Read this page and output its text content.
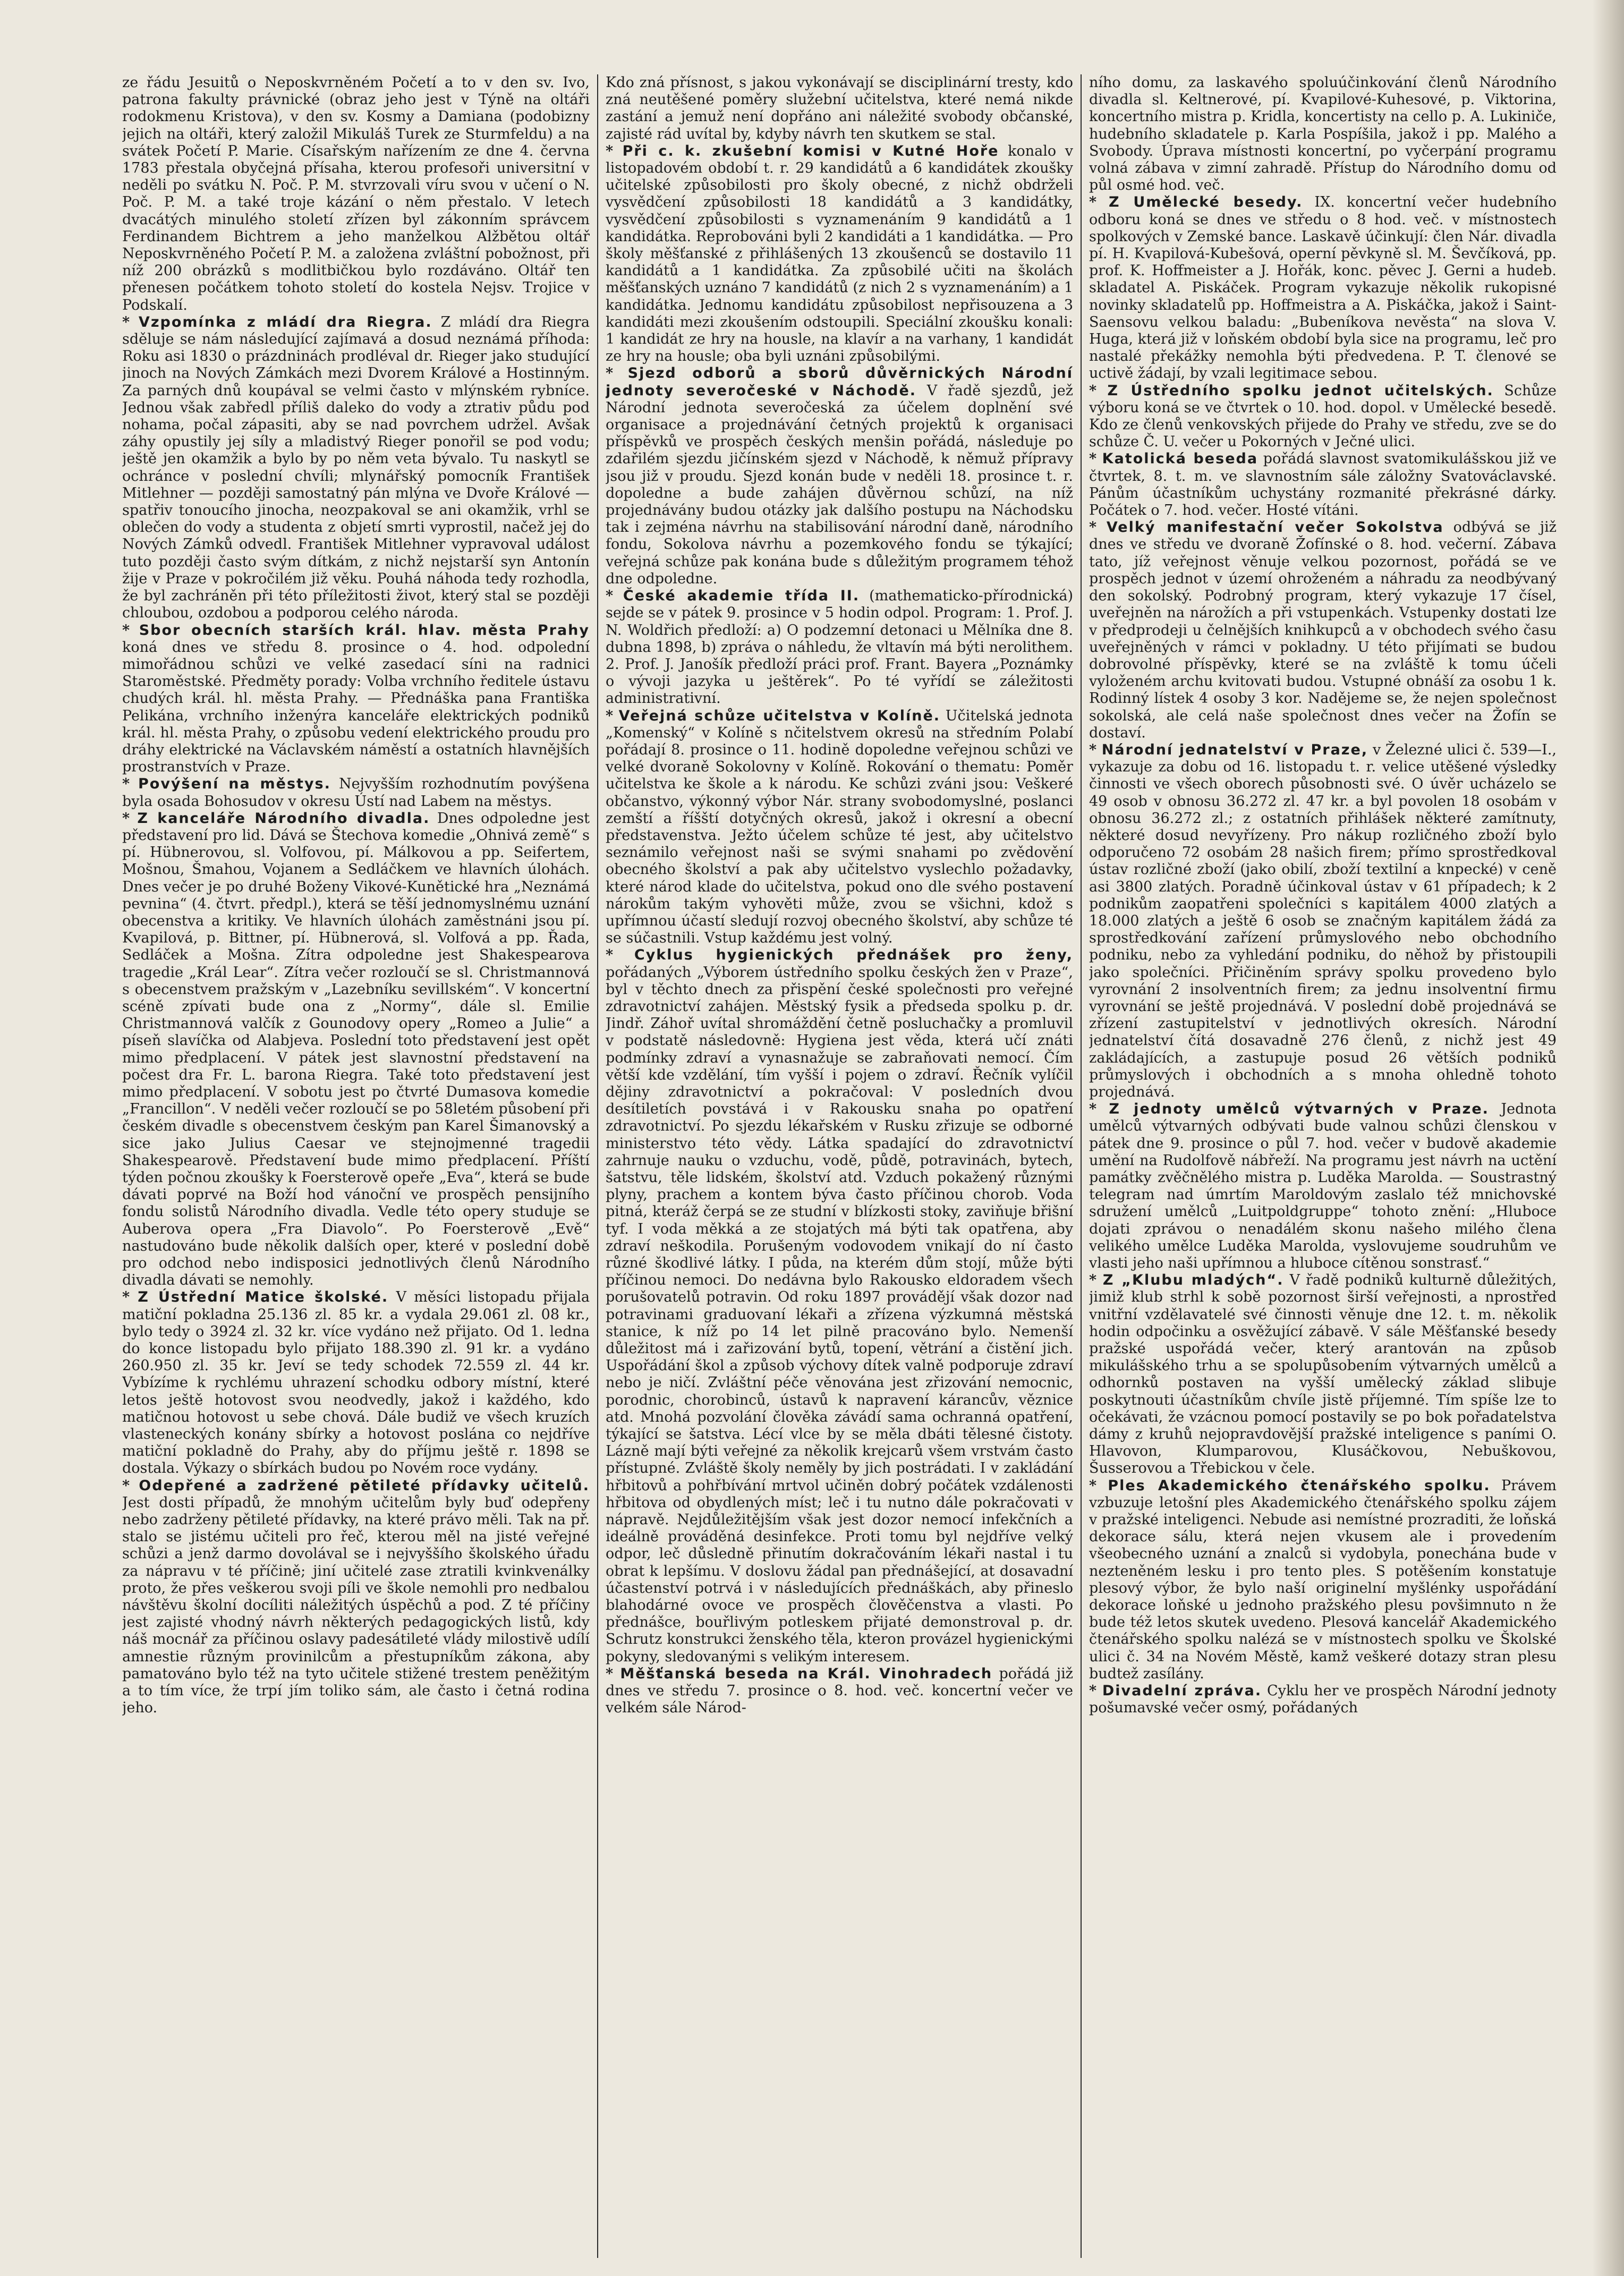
ze řádu Jesuitů o Neposkvrněném Početí a to v den sv. Ivo, patrona fakulty právnické (obraz jeho jest v Týně na oltáři rodokmenu Kristova), v den sv. Kosmy a Damiana (podobizny jejich na oltáři, který založil Mikuláš Turek ze Sturmfeldu) a na svátek Početí P. Marie. Císařským nařízením ze dne 4. června 1783 přestala obyčejná přísaha, kterou profesoři universitní v neděli po svátku N. Poč. P. M. stvrzovali víru svou v učení o N. Poč. P. M. a také troje kázání o něm přestalo. V letech dvacátých minulého století zřízen byl zákonním správcem Ferdinandem Bichtrem a jeho manželkou Alžbětou oltář Neposkvrněného Početí P. M. a založena zvláštní pobožnost, při níž 200 obrázků s modlitbičkou bylo rozdáváno. Oltář ten přenesen počátkem tohoto století do kostela Nejsv. Trojice v Podskalí.

* Vzpomínka z mládí dra Riegra. Z mládí dra Riegra sděluje se nám následující zajímavá a dosud neznámá příhoda: Roku asi 1830 o prázdninách prodléval dr. Rieger jako studující jinoch na Nových Zámkách mezi Dvorem Králové a Hostinným. Za parných dnů koupával se velmi často v mlýnském rybníce. Jednou však zabředl příliš daleko do vody a ztrativ půdu pod nohama, počal zápasiti, aby se nad povrchem udržel. Avšak záhy opustily jej síly a mladistvý Rieger ponořil se pod vodu; ještě jen okamžik a bylo by po něm veta bývalo. Tu naskytl se ochránce v poslední chvíli; mlynářský pomocník František Mitlehner — později samostatný pán mlýna ve Dvoře Králové — spatřiv tonoucího jinocha, neozpakoval se ani okamžik, vrhl se oblečen do vody a studenta z objetí smrti vyprostil, načež jej do Nových Zámků odvedl. František Mitlehner vypravoval událost tuto později často svým dítkám, z nichž nejstarší syn Antonín žije v Praze v pokročilém již věku. Pouhá náhoda tedy rozhodla, že byl zachráněn při této příležitosti život, který stal se později chloubou, ozdobou a podporou celého národa.

* Sbor obecních starších král. hlav. města Prahy koná dnes ve středu 8. prosince o 4. hod. odpolední mimořádnou schůzi ve velké zasedací síni na radnici Staroměstské. Předměty porady: Volba vrchního ředitele ústavu chudých král. hl. města Prahy. — Přednáška pana Františka Pelikána, vrchního inženýra kanceláře elektrických podniků král. hl. města Prahy, o způsobu vedení elektrického proudu pro dráhy elektrické na Václavském náměstí a ostatních hlavnějších prostranstvích v Praze.

* Povýšení na městys. Nejvyšším rozhodnutím povýšena byla osada Bohosudov v okresu Ústí nad Labem na městys.

* Z kanceláře Národního divadla. Dnes odpoledne jest představení pro lid. Dává se Štechova komedie „Ohnivá země“ s pí. Hübnerovou, sl. Volfovou, pí. Málkovou a pp. Seifertem, Mošnou, Šmahou, Vojanem a Sedláčkem ve hlavních úlohách. Dnes večer je po druhé Boženy Vikové-Kunětické hra „Neznámá pevnina“ (4. čtvrt. předpl.), která se těší jednomyslnému uznání obecenstva a kritiky. Ve hlavních úlohách zaměstnáni jsou pí. Kvapilová, p. Bittner, pí. Hübnerová, sl. Volfová a pp. Řada, Sedláček a Mošna. Zítra odpoledne jest Shakespearova tragedie „Král Lear“. Zítra večer rozloučí se sl. Christmannová s obecenstvem pražským v „Lazebníku sevillském“. V koncertní scéně zpívati bude ona z „Normy“, dále sl. Emilie Christmannová valčík z Gounodovy opery „Romeo a Julie“ a píseň slavíčka od Alabjeva. Poslední toto představení jest opět mimo předplacení. V pátek jest slavnostní představení na počest dra Fr. L. barona Riegra. Také toto představení jest mimo předplacení. V sobotu jest po čtvrté Dumasova komedie „Francillon“. V neděli večer rozloučí se po 58letém působení při českém divadle s obecenstvem českým pan Karel Šimanovský a sice jako Julius Caesar ve stejnojmenné tragedii Shakespearově. Představení bude mimo předplacení. Příští týden počnou zkoušky k Foersterově opeře „Eva“, která se bude dávati poprvé na Boží hod vánoční ve prospěch pensijního fondu solistů Národního divadla. Vedle této opery studuje se Auberova opera „Fra Diavolo“. Po Foersterově „Evě“ nastudováno bude několik dalších oper, které v poslední době pro odchod nebo indisposici jednotlivých členů Národního divadla dávati se nemohly.

* Z Ústřední Matice školské. V měsíci listopadu přijala matiční pokladna 25.136 zl. 85 kr. a vydala 29.061 zl. 08 kr., bylo tedy o 3924 zl. 32 kr. více vydáno než přijato. Od 1. ledna do konce listopadu bylo přijato 188.390 zl. 91 kr. a vydáno 260.950 zl. 35 kr. Jeví se tedy schodek 72.559 zl. 44 kr. Vybízíme k rychlému uhrazení schodku odbory místní, které letos ještě hotovost svou neodvedly, jakož i každého, kdo matičnou hotovost u sebe chová. Dále budiž ve všech kruzích vlasteneckých konány sbírky a hotovost poslána co nejdříve matiční pokladně do Prahy, aby do příjmu ještě r. 1898 se dostala. Výkazy o sbírkách budou po Novém roce vydány.

* Odepřené a zadržené pětileté přídavky učitelů. Jest dosti případů, že mnohým učitelům byly buď odepřeny nebo zadrženy pětileté přídavky, na které právo měli. Tak na př. stalo se jistému učiteli pro řeč, kterou měl na jisté veřejné schůzi a jenž darmo dovolával se i nejvyššího školského úřadu za nápravu v té příčině; jiní učitelé zase ztratili kvinkvenálky proto, že přes veškerou svoji píli ve škole nemohli pro nedbalou návštěvu školní docíliti náležitých úspěchů a pod. Z té příčiny jest zajisté vhodný návrh některých pedagogických listů, kdy náš mocnář za příčinou oslavy padesátileté vlády milostivě udílí amnestie různým provinilcům a přestupníkům zákona, aby pamatováno bylo též na tyto učitele stižené trestem peněžitým a to tím více, že trpí jím toliko sám, ale často i četná rodina jeho.

Kdo zná přísnost, s jakou vykonávají se disciplinární tresty, kdo zná neutěšené poměry služební učitelstva, které nemá nikde zastání a jemuž není dopřáno ani náležité svobody občanské, zajisté rád uvítal by, kdyby návrh ten skutkem se stal.

* Při c. k. zkušební komisi v Kutné Hoře konalo v listopadovém období t. r. 29 kandidátů a 6 kandidátek zkoušky učitelské způsobilosti pro školy obecné, z nichž obdrželi vysvědčení způsobilosti 18 kandidátů a 3 kandidátky, vysvědčení způsobilosti s vyznamenáním 9 kandidátů a 1 kandidátka. Reprobováni byli 2 kandidáti a 1 kandidátka. — Pro školy měšťanské z přihlášených 13 zkoušenců se dostavilo 11 kandidátů a 1 kandidátka. Za způsobilé učiti na školách měšťanských uznáno 7 kandidátů (z nich 2 s vyznamenáním) a 1 kandidátka. Jednomu kandidátu způsobilost nepřisouzena a 3 kandidáti mezi zkoušením odstoupili. Speciální zkoušku konali: 1 kandidát ze hry na housle, na klavír a na varhany, 1 kandidát ze hry na housle; oba byli uznáni způsobilými.

* Sjezd odborů a sborů důvěrnických Národní jednoty severočeské v Náchodě. V řadě sjezdů, jež Národní jednota severočeská za účelem doplnění své organisace a projednávání četných projektů k organisaci příspěvků ve prospěch českých menšin pořádá, následuje po zdařilém sjezdu jičínském sjezd v Náchodě, k němuž přípravy jsou již v proudu. Sjezd konán bude v neděli 18. prosince t. r. dopoledne a bude zahájen důvěrnou schůzí, na níž projednávány budou otázky jak dalšího postupu na Náchodsku tak i zejména návrhu na stabilisování národní daně, národního fondu, Sokolova návrhu a pozemkového fondu se týkající; veřejná schůze pak konána bude s důležitým programem téhož dne odpoledne.

* České akademie třída II. (mathematicko-přírodnická) sejde se v pátek 9. prosince v 5 hodin odpol. Program: 1. Prof. J. N. Woldřich předloží: a) O podzemní detonaci u Mělníka dne 8. dubna 1898, b) zpráva o náhledu, že vltavín má býti nerolithem. 2. Prof. J. Janošík předloží práci prof. Frant. Bayera „Poznámky o vývoji jazyka u ještěrek“. Po té vyřídí se záležitosti administrativní.

* Veřejná schůze učitelstva v Kolíně. Učitelská jednota „Komenský“ v Kolíně s nčitelstvem okresů na středním Polabí pořádají 8. prosince o 11. hodině dopoledne veřejnou schůzi ve velké dvoraně Sokolovny v Kolíně. Rokování o thematu: Poměr učitelstva ke škole a k národu. Ke schůzi zváni jsou: Veškeré občanstvo, výkonný výbor Nár. strany svobodomyslné, poslanci zemští a říšští dotyčných okresů, jakož i okresní a obecní představenstva. Ježto účelem schůze té jest, aby učitelstvo seznámilo veřejnost naši se svými snahami po zvědovění obecného školství a pak aby učitelstvo vyslechlo požadavky, které národ klade do učitelstva, pokud ono dle svého postavení nárokům takým vyhověti může, zvou se všichni, kdož s upřímnou účastí sledují rozvoj obecného školství, aby schůze té se súčastnili. Vstup každému jest volný.

* Cyklus hygienických přednášek pro ženy, pořádaných „Výborem ústředního spolku českých žen v Praze“, byl v těchto dnech za přispění české společnosti pro veřejné zdravotnictví zahájen. Městský fysik a předseda spolku p. dr. Jindř. Záhoř uvítal shromáždění četně posluchačky a promluvil v podstatě následovně: Hygiena jest věda, která učí znáti podmínky zdraví a vynasnažuje se zabraňovati nemocí. Čím větší kde vzdělání, tím vyšší i pojem o zdraví. Řečník vylíčil dějiny zdravotnictví a pokračoval: V posledních dvou desítiletích povstává i v Rakousku snaha po opatření zdravotnictví. Po sjezdu lékařském v Rusku zřizuje se odborné ministerstvo této vědy. Látka spadající do zdravotnictví zahrnuje nauku o vzduchu, vodě, půdě, potravinách, bytech, šatstvu, těle lidském, školství atd. Vzduch pokažený různými plyny, prachem a kontem býva často příčinou chorob. Voda pitná, kteráž čerpá se ze studní v blízkosti stoky, zaviňuje břišní tyf. I voda měkká a ze stojatých má býti tak opatřena, aby zdraví neškodila. Porušeným vodovodem vnikají do ní často různé škodlivé látky. I půda, na kterém dům stojí, může býti příčinou nemoci. Do nedávna bylo Rakousko eldoradem všech porušovatelů potravin. Od roku 1897 provádějí však dozor nad potravinami graduovaní lékaři a zřízena výzkumná městská stanice, k níž po 14 let pilně pracováno bylo. Nemenší důležitost má i zařizování bytů, topení, větrání a čistění jich. Uspořádání škol a způsob výchovy dítek valně podporuje zdraví nebo je ničí. Zvláštní péče věnována jest zřizování nemocnic, porodnic, chorobinců, ústavů k napravení kárancův, věznice atd. Mnohá pozvolání člověka závádí sama ochranná opatření, týkající se šatstva. Lécí vlce by se měla dbáti tělesné čistoty. Lázně mají býti veřejné za několik krejcarů všem vrstvám často přístupné. Zvláště školy neměly by jich postrádati. I v zakládání hřbitovů a pohřbívání mrtvol učiněn dobrý počátek vzdálenosti hřbitova od obydlených míst; leč i tu nutno dále pokračovati v nápravě. Nejdůležitějším však jest dozor nemocí infekčních a ideálně prováděná desinfekce. Proti tomu byl nejdříve velký odpor, leč důsledně přinutím dokračováním lékaři nastal i tu obrat k lepšímu. V doslovu žádal pan přednášející, at dosavadní účastenství potrvá i v následujících přednáškách, aby přineslo blahodárné ovoce ve prospěch člověčenstva a vlasti. Po přednášce, bouřlivým potleskem přijaté demonstroval p. dr. Schrutz konstrukci ženského těla, kteron provázel hygienickými pokyny, sledovanými s velikým interesem.

* Měšťanská beseda na Král. Vinohradech pořádá již dnes ve středu 7. prosince o 8. hod. več. koncertní večer ve velkém sále Národ-

ního domu, za laskavého spoluúčinkování členů Národního divadla sl. Keltnerové, pí. Kvapilové-Kuhesové, p. Viktorina, koncertního mistra p. Kridla, koncertisty na cello p. A. Lukiniče, hudebního skladatele p. Karla Pospíšila, jakož i pp. Malého a Svobody. Úprava místnosti koncertní, po vyčerpání programu volná zábava v zimní zahradě. Přístup do Národního domu od půl osmé hod. več.

* Z Umělecké besedy. IX. koncertní večer hudebního odboru koná se dnes ve středu o 8 hod. več. v místnostech spolkových v Zemské bance. Laskavě účinkují: člen Nár. divadla pí. H. Kvapilová-Kubešová, operní pěvkyně sl. M. Ševčíková, pp. prof. K. Hoffmeister a J. Hořák, konc. pěvec J. Gerni a hudeb. skladatel A. Piskáček. Program vykazuje několik rukopisné novinky skladatelů pp. Hoffmeistra a A. Piskáčka, jakož i Saint-Saensovu velkou baladu: „Bubeníkova nevěsta“ na slova V. Huga, která již v loňském období byla sice na programu, leč pro nastalé překážky nemohla býti předvedena. P. T. členové se uctivě žádají, by vzali legitimace sebou.

* Z Ústředního spolku jednot učitelských. Schůze výboru koná se ve čtvrtek o 10. hod. dopol. v Umělecké besedě. Kdo ze členů venkovských přijede do Prahy ve středu, zve se do schůze Č. U. večer u Pokorných v Ječné ulici.

* Katolická beseda pořádá slavnost svatomikulášskou již ve čtvrtek, 8. t. m. ve slavnostním sále záložny Svatováclavské. Pánům účastníkům uchystány rozmanité překrásné dárky. Počátek o 7. hod. večer. Hosté vítáni.

* Velký manifestační večer Sokolstva odbývá se již dnes ve středu ve dvoraně Žofínské o 8. hod. večerní. Zábava tato, jíž veřejnost věnuje velkou pozornost, pořádá se ve prospěch jednot v území ohroženém a náhradu za neodbývaný den sokolský. Podrobný program, který vykazuje 17 čísel, uveřejněn na nárožích a při vstupenkách. Vstupenky dostati lze v předprodeji u čelnějších knihkupců a v obchodech svého času uveřejněných v rámci v pokladny. U této přijímati se budou dobrovolné příspěvky, které se na zvláště k tomu účeli vyloženém archu kvitovati budou. Vstupné obnáší za osobu 1 k. Rodinný lístek 4 osoby 3 kor. Nadějeme se, že nejen společnost sokolská, ale celá naše společnost dnes večer na Žofín se dostaví.

* Národní jednatelství v Praze, v Železné ulici č. 539—I., vykazuje za dobu od 16. listopadu t. r. velice utěšené výsledky činnosti ve všech oborech působnosti své. O úvěr ucházelo se 49 osob v obnosu 36.272 zl. 47 kr. a byl povolen 18 osobám v obnosu 36.272 zl.; z ostatních přihlášek některé zamítnuty, některé dosud nevyřízeny. Pro nákup rozličného zboží bylo odporučeno 72 osobám 28 našich firem; přímo sprostředkoval ústav rozličné zboží (jako obilí, zboží textilní a knpecké) v ceně asi 3800 zlatých. Poradně účinkoval ústav v 61 případech; k 2 podnikům zaopatřeni společníci s kapitálem 4000 zlatých a 18.000 zlatých a ještě 6 osob se značným kapitálem žádá za sprostředkování zařízení průmyslového nebo obchodního podniku, nebo za vyhledání podniku, do něhož by přistoupili jako společníci. Přičiněním správy spolku provedeno bylo vyrovnání 2 insolventních firem; za jednu insolventní firmu vyrovnání se ještě projednává. V poslední době projednává se zřízení zastupitelství v jednotlivých okresích. Národní jednatelství čítá dosavadně 276 členů, z nichž jest 49 zakládajících, a zastupuje posud 26 větších podniků průmyslových i obchodních a s mnoha ohledně tohoto projednává.

* Z jednoty umělců výtvarných v Praze. Jednota umělců výtvarných odbývati bude valnou schůzi členskou v pátek dne 9. prosince o půl 7. hod. večer v budově akademie umění na Rudolfově nábřeží. Na programu jest návrh na uctění památky zvěčnělého mistra p. Luděka Marolda. — Soustrastný telegram nad úmrtím Maroldovým zaslalo též mnichovské sdružení umělců „Luitpoldgruppe“ tohoto znění: „Hluboce dojati zprávou o nenadálém skonu našeho milého člena velikého umělce Luděka Marolda, vyslovujeme soudruhům ve vlasti jeho naši upřímnou a hluboce cítěnou sonstrasť.“

* Z „Klubu mladých“. V řadě podniků kulturně důležitých, jimiž klub strhl k sobě pozornost širší veřejnosti, a nprostřed vnitřní vzdělavatelé své činnosti věnuje dne 12. t. m. několik hodin odpočinku a osvěžující zábavě. V sále Měšťanské besedy pražské uspořádá večer, který arantován na způsob mikulášského trhu a se spolupůsobením výtvarných umělců a odhornků postaven na vyšší umělecký základ slibuje poskytnouti účastníkům chvíle jistě příjemné. Tím spíše lze to očekávati, že vzácnou pomocí postavily se po bok pořadatelstva dámy z kruhů nejopravdovější pražské inteligence s paními O. Hlavovon, Klumparovou, Klusáčkovou, Nebuškovou, Šusserovou a Třebickou v čele.

* Ples Akademického čtenářského spolku. Právem vzbuzuje letošní ples Akademického čtenářského spolku zájem v pražské inteligenci. Nebude asi nemístné prozraditi, že loňská dekorace sálu, která nejen vkusem ale i provedením všeobecného uznání a znalců si vydobyla, ponechána bude v nezteněném lesku i pro tento ples. S potěšením konstatuje plesový výbor, že bylo naší originelní myšlénky uspořádání dekorace loňské u jednoho pražského plesu povšimnuto n že bude též letos skutek uvedeno. Plesová kancelář Akademického čtenářského spolku nalézá se v místnostech spolku ve Školské ulici č. 34 na Novém Městě, kamž veškeré dotazy stran plesu budtež zasílány.

* Divadelní zpráva. Cyklu her ve prospěch Národní jednoty pošumavské večer osmý, pořádaných
